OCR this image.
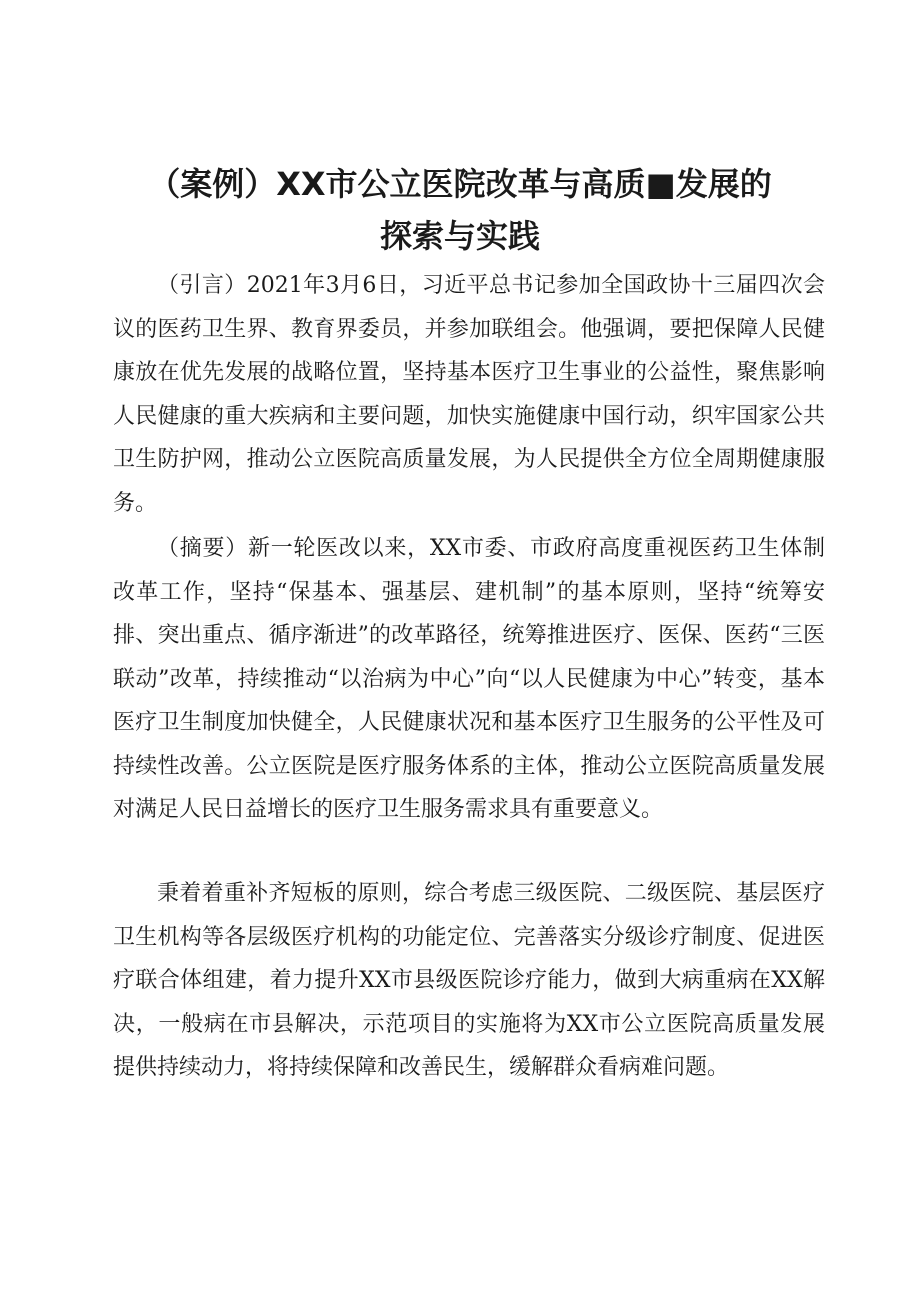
（案例）XX市公立医院改革与高质■发展的
探索与实践

（引言）2021年3月6日，习近平总书记参加全国政协十三届四次会议的医药卫生界、教育界委员，并参加联组会。他强调，要把保障人民健康放在优先发展的战略位置，坚持基本医疗卫生事业的公益性，聚焦影响人民健康的重大疾病和主要问题，加快实施健康中国行动，织牢国家公共卫生防护网，推动公立医院高质量发展，为人民提供全方位全周期健康服务。

（摘要）新一轮医改以来，XX市委、市政府高度重视医药卫生体制改革工作，坚持“保基本、强基层、建机制”的基本原则，坚持“统筹安排、突出重点、循序渐进”的改革路径，统筹推进医疗、医保、医药“三医联动”改革，持续推动“以治病为中心”向“以人民健康为中心”转变，基本医疗卫生制度加快健全，人民健康状况和基本医疗卫生服务的公平性及可持续性改善。公立医院是医疗服务体系的主体，推动公立医院高质量发展对满足人民日益增长的医疗卫生服务需求具有重要意义。

秉着着重补齐短板的原则，综合考虑三级医院、二级医院、基层医疗卫生机构等各层级医疗机构的功能定位、完善落实分级诊疗制度、促进医疗联合体组建，着力提升XX市县级医院诊疗能力，做到大病重病在XX解决，一般病在市县解决，示范项目的实施将为XX市公立医院高质量发展提供持续动力，将持续保障和改善民生，缓解群众看病难问题。
